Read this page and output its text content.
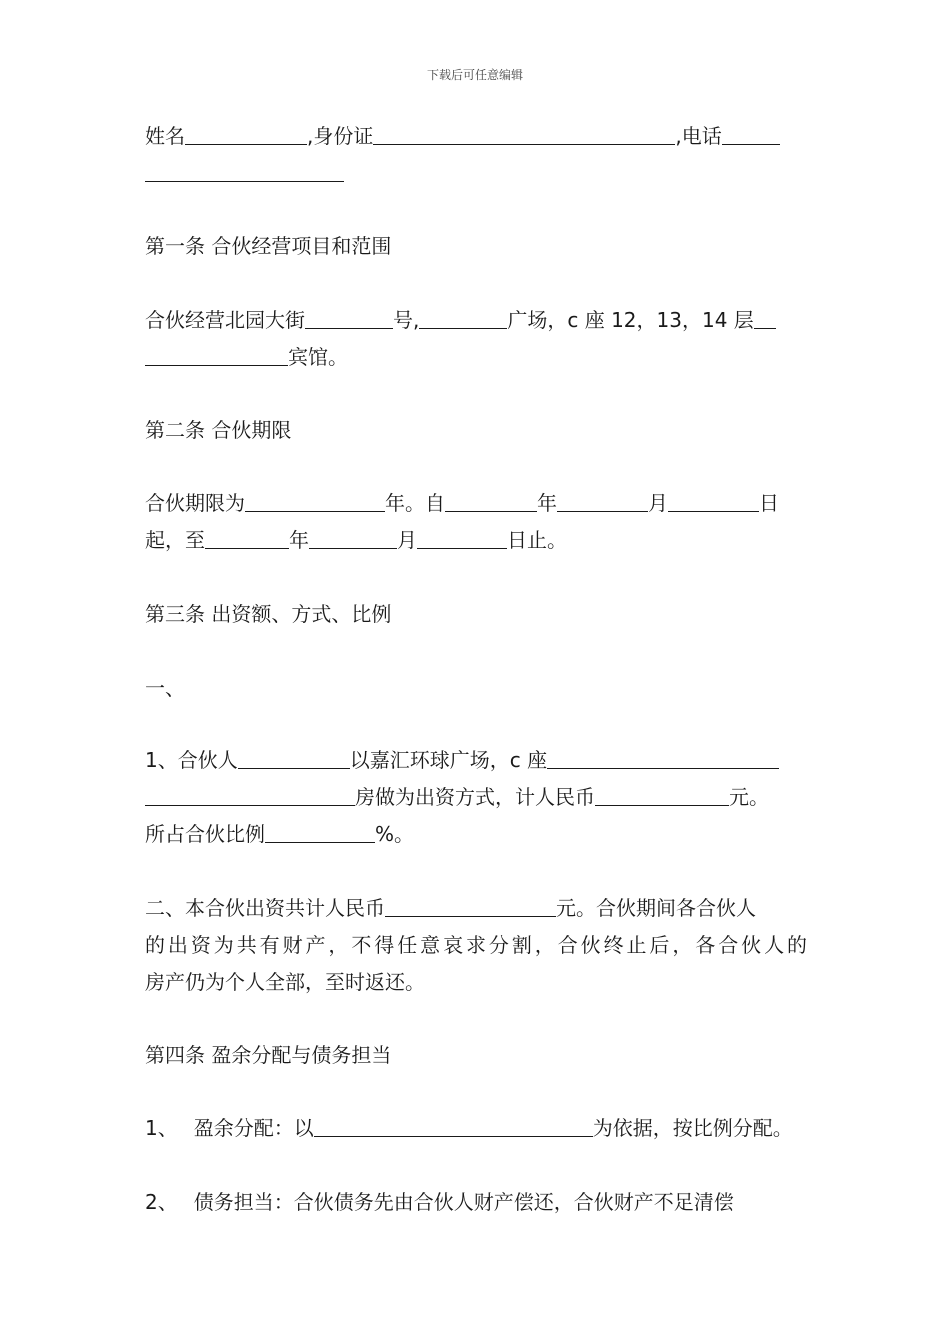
下载后可任意编辑
姓名	,身份证	,电话
第一条 合伙经营项目和范围
合伙经营北园大街	号,	广场，c 座 12，13，14 层
宾馆。
第二条 合伙期限
合伙期限为	年。自	年	月	日
起，至	年	月	日止。
第三条 出资额、方式、比例
一、
1、合伙人	以嘉汇环球广场，c 座
房做为出资方式，计人民币	元。
所占合伙比例	%。
二、本合伙出资共计人民币	元。合伙期间各合伙人
的出资为共有财产，不得任意哀求分割，合伙终止后，各合伙人的
房产仍为个人全部，至时返还。
第四条 盈余分配与债务担当
1、 盈余分配：以	为依据，按比例分配。
2、 债务担当：合伙债务先由合伙人财产偿还，合伙财产不足清偿
